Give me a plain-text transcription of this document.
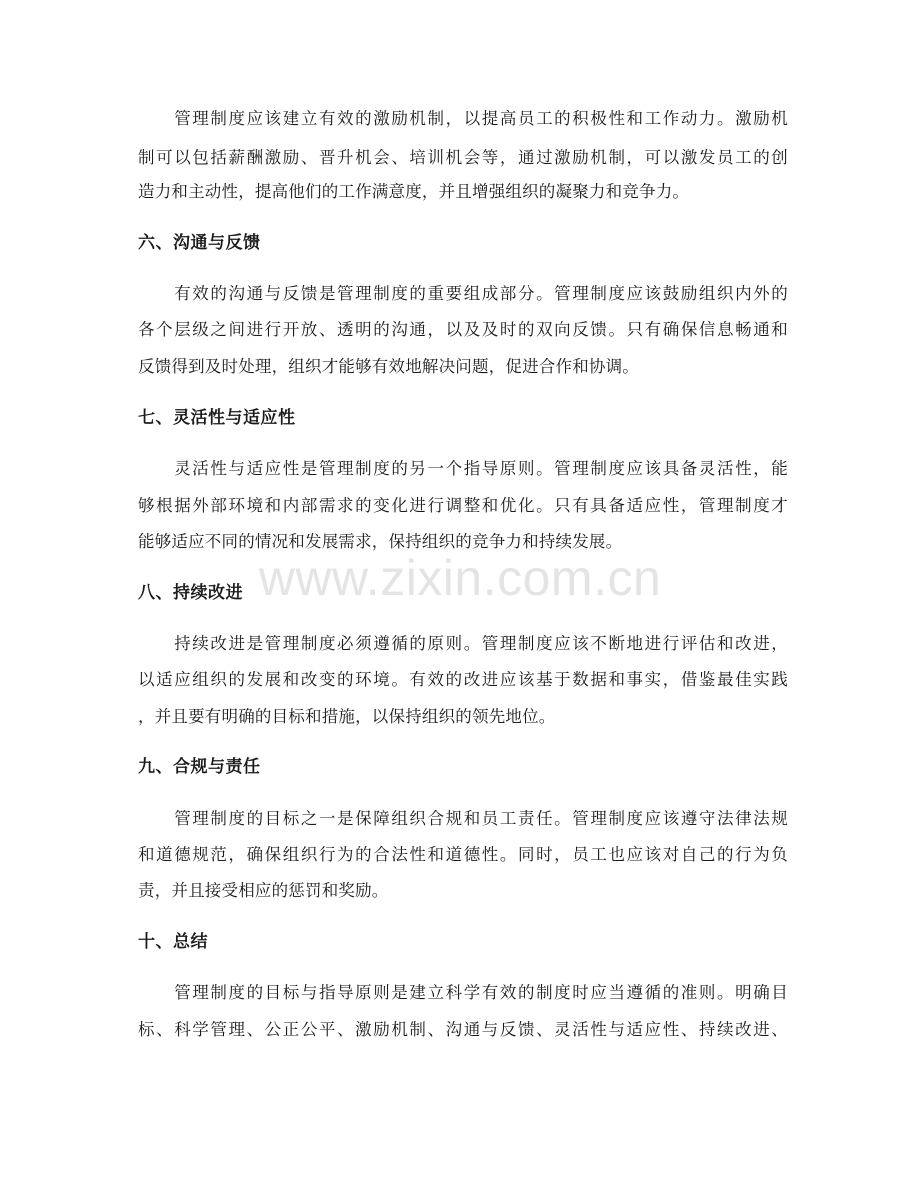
　　管理制度应该建立有效的激励机制，以提高员工的积极性和工作动力。激励机
制可以包括薪酬激励、晋升机会、培训机会等，通过激励机制，可以激发员工的创
造力和主动性，提高他们的工作满意度，并且增强组织的凝聚力和竞争力。
六、沟通与反馈
　　有效的沟通与反馈是管理制度的重要组成部分。管理制度应该鼓励组织内外的
各个层级之间进行开放、透明的沟通，以及及时的双向反馈。只有确保信息畅通和
反馈得到及时处理，组织才能够有效地解决问题，促进合作和协调。
七、灵活性与适应性
　　灵活性与适应性是管理制度的另一个指导原则。管理制度应该具备灵活性，能
够根据外部环境和内部需求的变化进行调整和优化。只有具备适应性，管理制度才
能够适应不同的情况和发展需求，保持组织的竞争力和持续发展。
八、持续改进
　　持续改进是管理制度必须遵循的原则。管理制度应该不断地进行评估和改进，
以适应组织的发展和改变的环境。有效的改进应该基于数据和事实，借鉴最佳实践
，并且要有明确的目标和措施，以保持组织的领先地位。
九、合规与责任
　　管理制度的目标之一是保障组织合规和员工责任。管理制度应该遵守法律法规
和道德规范，确保组织行为的合法性和道德性。同时，员工也应该对自己的行为负
责，并且接受相应的惩罚和奖励。
十、总结
　　管理制度的目标与指导原则是建立科学有效的制度时应当遵循的准则。明确目
标、科学管理、公正公平、激励机制、沟通与反馈、灵活性与适应性、持续改进、
www.zixin.com.cn
